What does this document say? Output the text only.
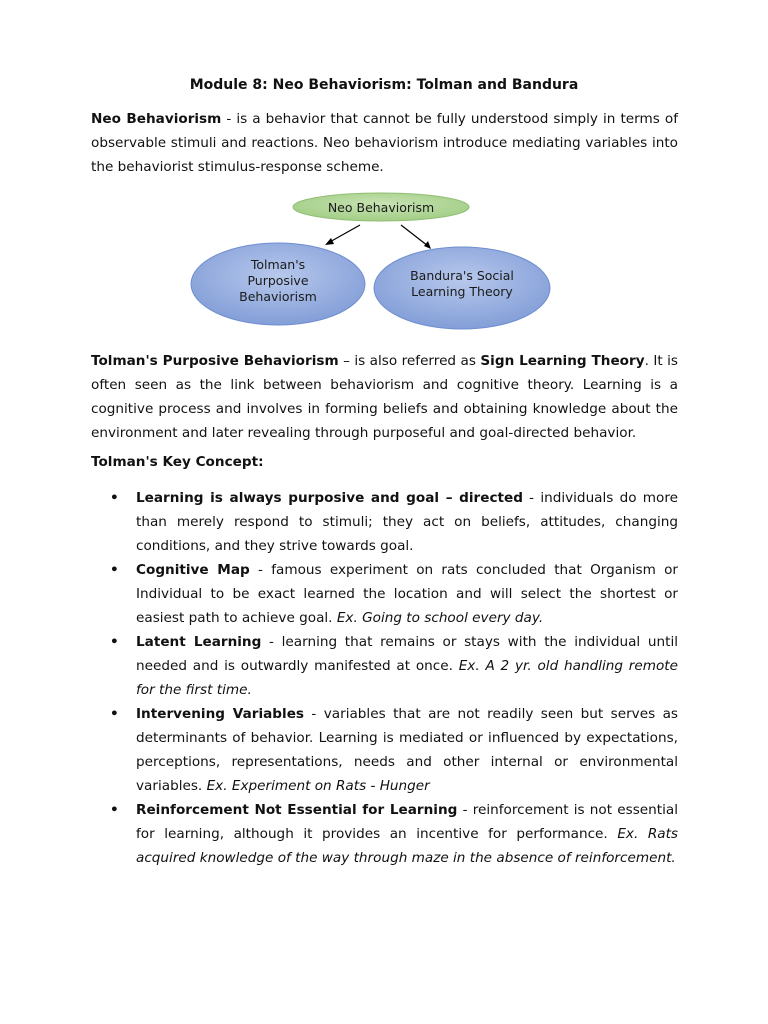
Module 8: Neo Behaviorism: Tolman and Bandura

Neo Behaviorism - is a behavior that cannot be fully understood simply in terms of observable stimuli and reactions. Neo behaviorism introduce mediating variables into the behaviorist stimulus-response scheme.

Neo Behaviorism
Tolman's
Purposive
Behaviorism
Bandura's Social
Learning Theory

Tolman's Purposive Behaviorism – is also referred as Sign Learning Theory. It is often seen as the link between behaviorism and cognitive theory. Learning is a cognitive process and involves in forming beliefs and obtaining knowledge about the environment and later revealing through purposeful and goal-directed behavior.

Tolman's Key Concept:

• Learning is always purposive and goal – directed - individuals do more than merely respond to stimuli; they act on beliefs, attitudes, changing conditions, and they strive towards goal.
• Cognitive Map - famous experiment on rats concluded that Organism or Individual to be exact learned the location and will select the shortest or easiest path to achieve goal. Ex. Going to school every day.
• Latent Learning - learning that remains or stays with the individual until needed and is outwardly manifested at once. Ex. A 2 yr. old handling remote for the first time.
• Intervening Variables - variables that are not readily seen but serves as determinants of behavior. Learning is mediated or influenced by expectations, perceptions, representations, needs and other internal or environmental variables. Ex. Experiment on Rats - Hunger
• Reinforcement Not Essential for Learning - reinforcement is not essential for learning, although it provides an incentive for performance. Ex. Rats acquired knowledge of the way through maze in the absence of reinforcement.
